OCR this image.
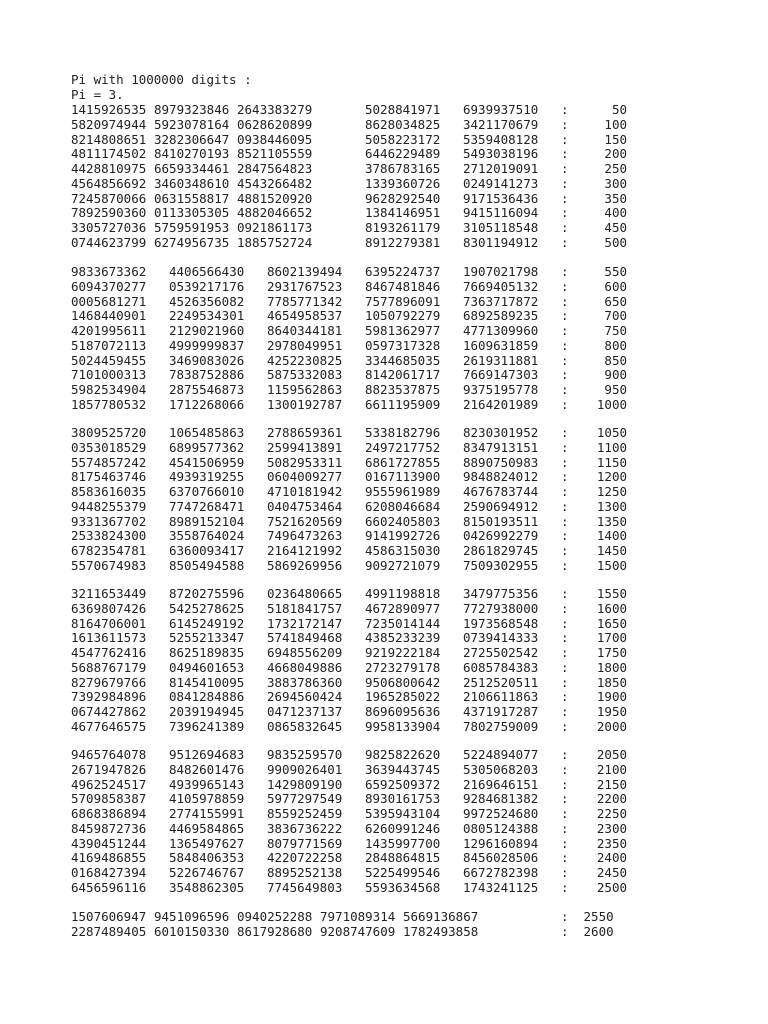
Pi with 1000000 digits :
Pi = 3.
1415926535 8979323846 2643383279	5028841971 6939937510 :	50
5820974944 5923078164 0628620899	8628034825 3421170679 :	100
8214808651 3282306647 0938446095	5058223172 5359408128 :	150
4811174502 8410270193 8521105559	6446229489 5493038196 :	200
4428810975 6659334461 2847564823	3786783165 2712019091 :	250
4564856692 3460348610 4543266482	1339360726 0249141273 :	300
7245870066 0631558817 4881520920	9628292540 9171536436 :	350
7892590360 0113305305 4882046652	1384146951 9415116094 :	400
3305727036 5759591953 0921861173	8193261179 3105118548 :	450
0744623799 6274956735 1885752724	8912279381 8301194912 :	500
9833673362 4406566430 8602139494 6395224737 1907021798 :	550
6094370277 0539217176 2931767523 8467481846 7669405132 :	600
0005681271 4526356082 7785771342 7577896091 7363717872 :	650
1468440901 2249534301 4654958537 1050792279 6892589235 :	700
4201995611 2129021960 8640344181 5981362977 4771309960 :	750
5187072113 4999999837 2978049951 0597317328 1609631859 :	800
5024459455 3469083026 4252230825 3344685035 2619311881 :	850
7101000313 7838752886 5875332083 8142061717 7669147303 :	900
5982534904 2875546873 1159562863 8823537875 9375195778 :	950
1857780532 1712268066 1300192787 6611195909 2164201989 :	1000
3809525720 1065485863 2788659361 5338182796 8230301952 :	1050
0353018529 6899577362 2599413891 2497217752 8347913151 :	1100
5574857242 4541506959 5082953311 6861727855 8890750983 :	1150
8175463746 4939319255 0604009277 0167113900 9848824012 :	1200
8583616035 6370766010 4710181942 9555961989 4676783744 :	1250
9448255379 7747268471 0404753464 6208046684 2590694912 :	1300
9331367702 8989152104 7521620569 6602405803 8150193511 :	1350
2533824300 3558764024 7496473263 9141992726 0426992279 :	1400
6782354781 6360093417 2164121992 4586315030 2861829745 :	1450
5570674983 8505494588 5869269956 9092721079 7509302955 :	1500
3211653449 8720275596 0236480665 4991198818 3479775356 :	1550
6369807426 5425278625 5181841757 4672890977 7727938000 :	1600
8164706001 6145249192 1732172147 7235014144 1973568548 :	1650
1613611573 5255213347 5741849468 4385233239 0739414333 :	1700
4547762416 8625189835 6948556209 9219222184 2725502542 :	1750
5688767179 0494601653 4668049886 2723279178 6085784383 :	1800
8279679766 8145410095 3883786360 9506800642 2512520511 :	1850
7392984896 0841284886 2694560424 1965285022 2106611863 :	1900
0674427862 2039194945 0471237137 8696095636 4371917287 :	1950
4677646575 7396241389 0865832645 9958133904 7802759009 :	2000
9465764078 9512694683 9835259570 9825822620 5224894077 :	2050
2671947826 8482601476 9909026401 3639443745 5305068203 :	2100
4962524517 4939965143 1429809190 6592509372 2169646151 :	2150
5709858387 4105978859 5977297549 8930161753 9284681382 :	2200
6868386894 2774155991 8559252459 5395943104 9972524680 :	2250
8459872736 4469584865 3836736222 6260991246 0805124388 :	2300
4390451244 1365497627 8079771569 1435997700 1296160894 :	2350
4169486855 5848406353 4220722258 2848864815 8456028506 :	2400
0168427394 5226746767 8895252138 5225499546 6672782398 :	2450
6456596116 3548862305 7745649803 5593634568 1743241125 :	2500
1507606947 9451096596 0940252288 7971089314 5669136867	: 2550
2287489405 6010150330 8617928680 9208747609 1782493858	: 2600
